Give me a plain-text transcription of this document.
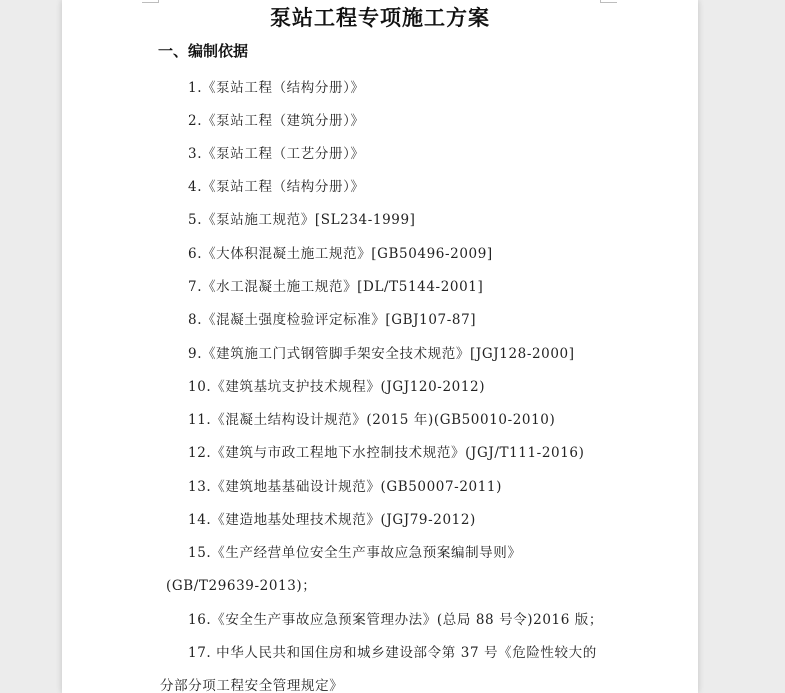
泵站工程专项施工方案
一、编制依据
1.《泵站工程（结构分册）》
2.《泵站工程（建筑分册）》
3.《泵站工程（工艺分册）》
4.《泵站工程（结构分册）》
5.《泵站施工规范》[SL234-1999]
6.《大体积混凝土施工规范》[GB50496-2009]
7.《水工混凝土施工规范》[DL/T5144-2001]
8.《混凝土强度检验评定标准》[GBJ107-87]
9.《建筑施工门式钢管脚手架安全技术规范》[JGJ128-2000]
10.《建筑基坑支护技术规程》(JGJ120-2012)
11.《混凝土结构设计规范》(2015 年)(GB50010-2010)
12.《建筑与市政工程地下水控制技术规范》(JGJ/T111-2016)
13.《建筑地基基础设计规范》(GB50007-2011)
14.《建造地基处理技术规范》(JGJ79-2012)
15.《生产经营单位安全生产事故应急预案编制导则》
(GB/T29639-2013)；
16.《安全生产事故应急预案管理办法》(总局 88 号令)2016 版；
17. 中华人民共和国住房和城乡建设部令第 37 号《危险性较大的
分部分项工程安全管理规定》
